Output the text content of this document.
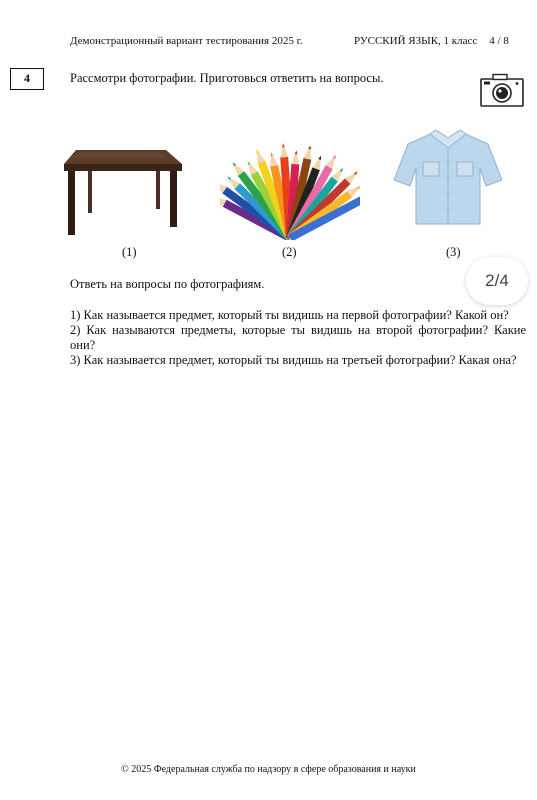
Демонстрационный вариант тестирования 2025 г.	РУССКИЙ ЯЗЫК, 1 класс 4 / 8
4	Рассмотри фотографии. Приготовься ответить на вопросы.
(1)	(2)	(3)
2/4
Ответь на вопросы по фотографиям.

1) Как называется предмет, который ты видишь на первой фотографии? Какой он?

2) Как называются предметы, которые ты видишь на второй фотографии? Какие они?

3) Как называется предмет, который ты видишь на третьей фотографии? Какая она?

© 2025 Федеральная служба по надзору в сфере образования и науки
